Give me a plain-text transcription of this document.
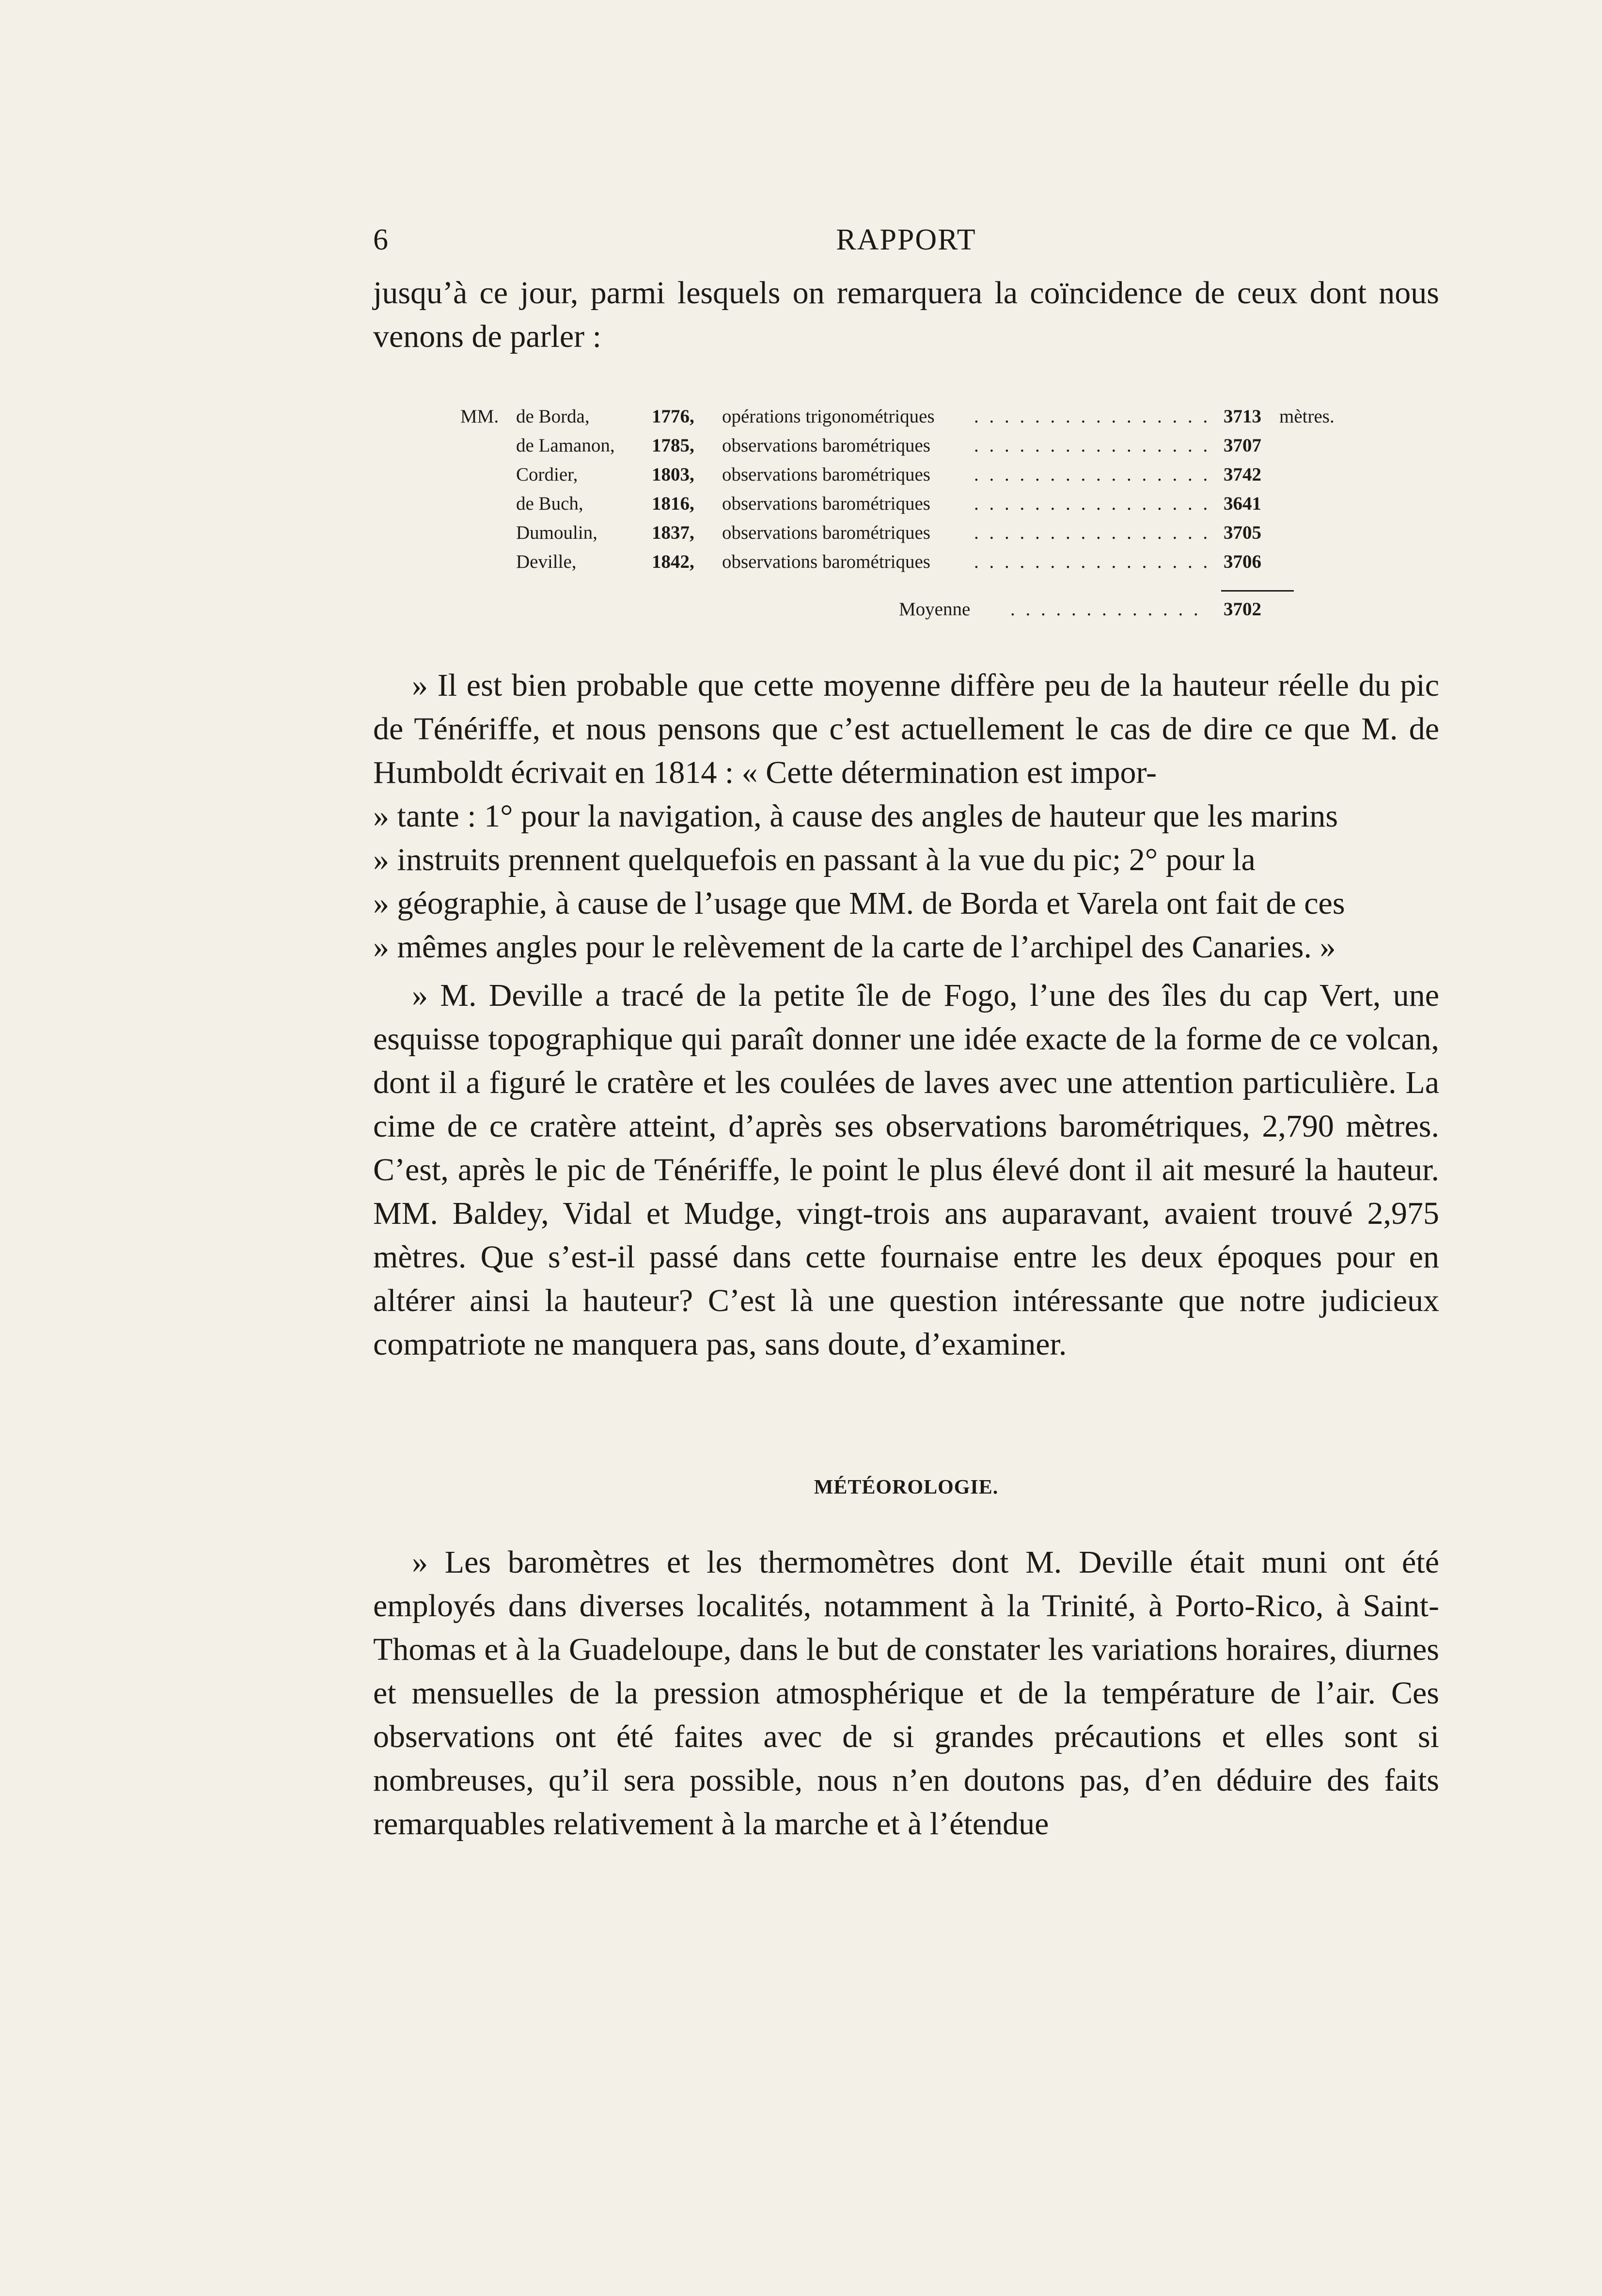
6	RAPPORT

jusqu’à ce jour, parmi lesquels on remarquera la coïncidence de ceux dont nous venons de parler :

MM. de Borda,	1776, opérations trigonométriques . . . . . . . . . . . . . . . . 3713 mètres.
de Lamanon, 1785, observations barométriques . . . . . . . . . . . . . . . . 3707
Cordier,	1803, observations barométriques . . . . . . . . . . . . . . . . 3742
de Buch,	1816, observations barométriques . . . . . . . . . . . . . . . . 3641
Dumoulin,	1837, observations barométriques . . . . . . . . . . . . . . . . 3705
Deville,	1842, observations barométriques . . . . . . . . . . . . . . . . 3706
Moyenne . . . . . . . . . . . . . 3702

» Il est bien probable que cette moyenne diffère peu de la hauteur réelle du pic de Ténériffe, et nous pensons que c’est actuellement le cas de dire ce que M. de Humboldt écrivait en 1814 : « Cette détermination est impor-

» tante : 1° pour la navigation, à cause des angles de hauteur que les marins
» instruits prennent quelquefois en passant à la vue du pic; 2° pour la
» géographie, à cause de l’usage que MM. de Borda et Varela ont fait de ces
» mêmes angles pour le relèvement de la carte de l’archipel des Canaries. »

» M. Deville a tracé de la petite île de Fogo, l’une des îles du cap Vert, une esquisse topographique qui paraît donner une idée exacte de la forme de ce volcan, dont il a figuré le cratère et les coulées de laves avec une attention particulière. La cime de ce cratère atteint, d’après ses observations barométriques, 2,790 mètres. C’est, après le pic de Ténériffe, le point le plus élevé dont il ait mesuré la hauteur. MM. Baldey, Vidal et Mudge, vingt-trois ans auparavant, avaient trouvé 2,975 mètres. Que s’est-il passé dans cette fournaise entre les deux époques pour en altérer ainsi la hauteur? C’est là une question intéressante que notre judicieux compatriote ne manquera pas, sans doute, d’examiner.

MÉTÉOROLOGIE.

» Les baromètres et les thermomètres dont M. Deville était muni ont été employés dans diverses localités, notamment à la Trinité, à Porto-Rico, à Saint-Thomas et à la Guadeloupe, dans le but de constater les variations horaires, diurnes et mensuelles de la pression atmosphérique et de la température de l’air. Ces observations ont été faites avec de si grandes précautions et elles sont si nombreuses, qu’il sera possible, nous n’en doutons pas, d’en déduire des faits remarquables relativement à la marche et à l’étendue
